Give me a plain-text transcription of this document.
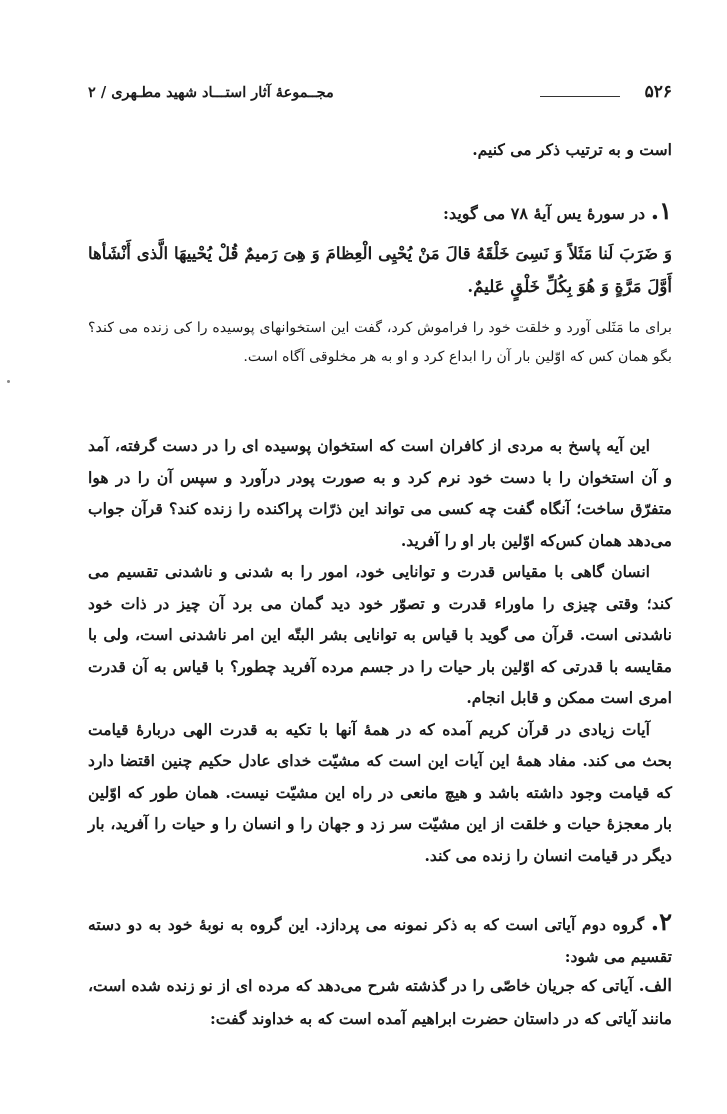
۵۲۶
مجــموعهٔ آثار استـــاد شهید مطـهری / ۲

است و به ترتیب ذکر می کنیم.

۱. در سورهٔ یس آیهٔ ۷۸ می گوید:

وَ ضَرَبَ لَنا مَثَلاً وَ نَسِیَ خَلْقَهُ قالَ مَنْ یُحْیِی الْعِظامَ وَ هِیَ رَمیمٌ قُلْ یُحْییهَا الَّذی أَنْشَأها أَوَّلَ مَرَّةٍ وَ هُوَ بِکُلِّ خَلْقٍ عَلیمٌ.

برای ما مَثَلی آورد و خلقت خود را فراموش کرد، گفت این استخوانهای پوسیده را کی زنده می کند؟ بگو همان کس که اوّلین بار آن را ابداع کرد و او به هر مخلوقی آگاه است.

این آیه پاسخ به مردی از کافران است که استخوان پوسیده ای را در دست گرفته، آمد و آن استخوان را با دست خود نرم کرد و به صورت پودر درآورد و سپس آن را در هوا متفرّق ساخت؛ آنگاه گفت چه کسی می تواند این ذرّات پراکنده را زنده کند؟ قرآن جواب می‌دهد همان کس‌که اوّلین بار او را آفرید.

انسان گاهی با مقیاس قدرت و توانایی خود، امور را به شدنی و ناشدنی تقسیم می کند؛ وقتی چیزی را ماوراء قدرت و تصوّر خود دید گمان می برد آن چیز در ذات خود ناشدنی است. قرآن می گوید با قیاس به توانایی بشر البتّه این امر ناشدنی است، ولی با مقایسه با قدرتی که اوّلین بار حیات را در جسم مرده آفرید چطور؟ با قیاس به آن قدرت امری است ممکن و قابل انجام.

آیات زیادی در قرآن کریم آمده که در همهٔ آنها با تکیه به قدرت الهی دربارهٔ قیامت بحث می کند. مفاد همهٔ این آیات این است که مشیّت خدای عادل حکیم چنین اقتضا دارد که قیامت وجود داشته باشد و هیچ مانعی در راه این مشیّت نیست. همان طور که اوّلین بار معجزهٔ حیات و خلقت از این مشیّت سر زد و جهان را و انسان را و حیات را آفرید، بار دیگر در قیامت انسان را زنده می کند.

۲. گروه دوم آیاتی است که به ذکر نمونه می پردازد. این گروه به نوبهٔ خود به دو دسته تقسیم می شود:

الف. آیاتی که جریان خاصّی را در گذشته شرح می‌دهد که مرده ای از نو زنده شده است، مانند آیاتی که در داستان حضرت ابراهیم آمده است که به خداوند گفت:
